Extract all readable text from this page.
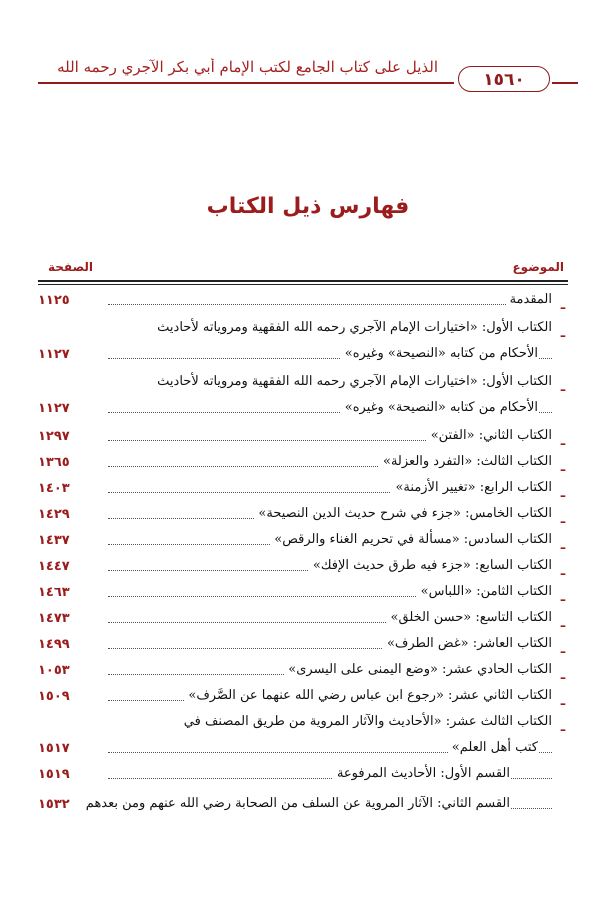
الذيل على كتاب الجامع لكتب الإمام أبي بكر الآجري رحمه الله
١٥٦٠
فهارس ذيل الكتاب
الموضوع
الصفحة
ـ
المقدمة
١١٢٥
ـ
الكتاب الأول: «اختيارات الإمام الآجري رحمه الله الفقهية ومروياته لأحاديث
الأحكام من كتابه «النصيحة» وغيره»
١١٢٧
ـ
الكتاب الأول: «اختيارات الإمام الآجري رحمه الله الفقهية ومروياته لأحاديث
الأحكام من كتابه «النصيحة» وغيره»
١١٢٧
ـ
الكتاب الثاني: «الفتن»
١٢٩٧
ـ
الكتاب الثالث: «التفرد والعزلة»
١٣٦٥
ـ
الكتاب الرابع: «تغيير الأزمنة»
١٤٠٣
ـ
الكتاب الخامس: «جزء في شرح حديث الدين النصيحة»
١٤٢٩
ـ
الكتاب السادس: «مسألة في تحريم الغناء والرقص»
١٤٣٧
ـ
الكتاب السابع: «جزء فيه طرق حديث الإفك»
١٤٤٧
ـ
الكتاب الثامن: «اللباس»
١٤٦٣
ـ
الكتاب التاسع: «حسن الخلق»
١٤٧٣
ـ
الكتاب العاشر: «غض الطرف»
١٤٩٩
ـ
الكتاب الحادي عشر: «وضع اليمنى على اليسرى»
١٠٥٣
ـ
الكتاب الثاني عشر: «رجوع ابن عباس رضي الله عنهما عن الصَّرف»
١٥٠٩
ـ
الكتاب الثالث عشر: «الأحاديث والآثار المروية من طريق المصنف في
كتب أهل العلم»
١٥١٧
القسم الأول: الأحاديث المرفوعة
١٥١٩
القسم الثاني: الآثار المروية عن السلف من الصحابة رضي الله عنهم ومن بعدهم
١٥٣٢
